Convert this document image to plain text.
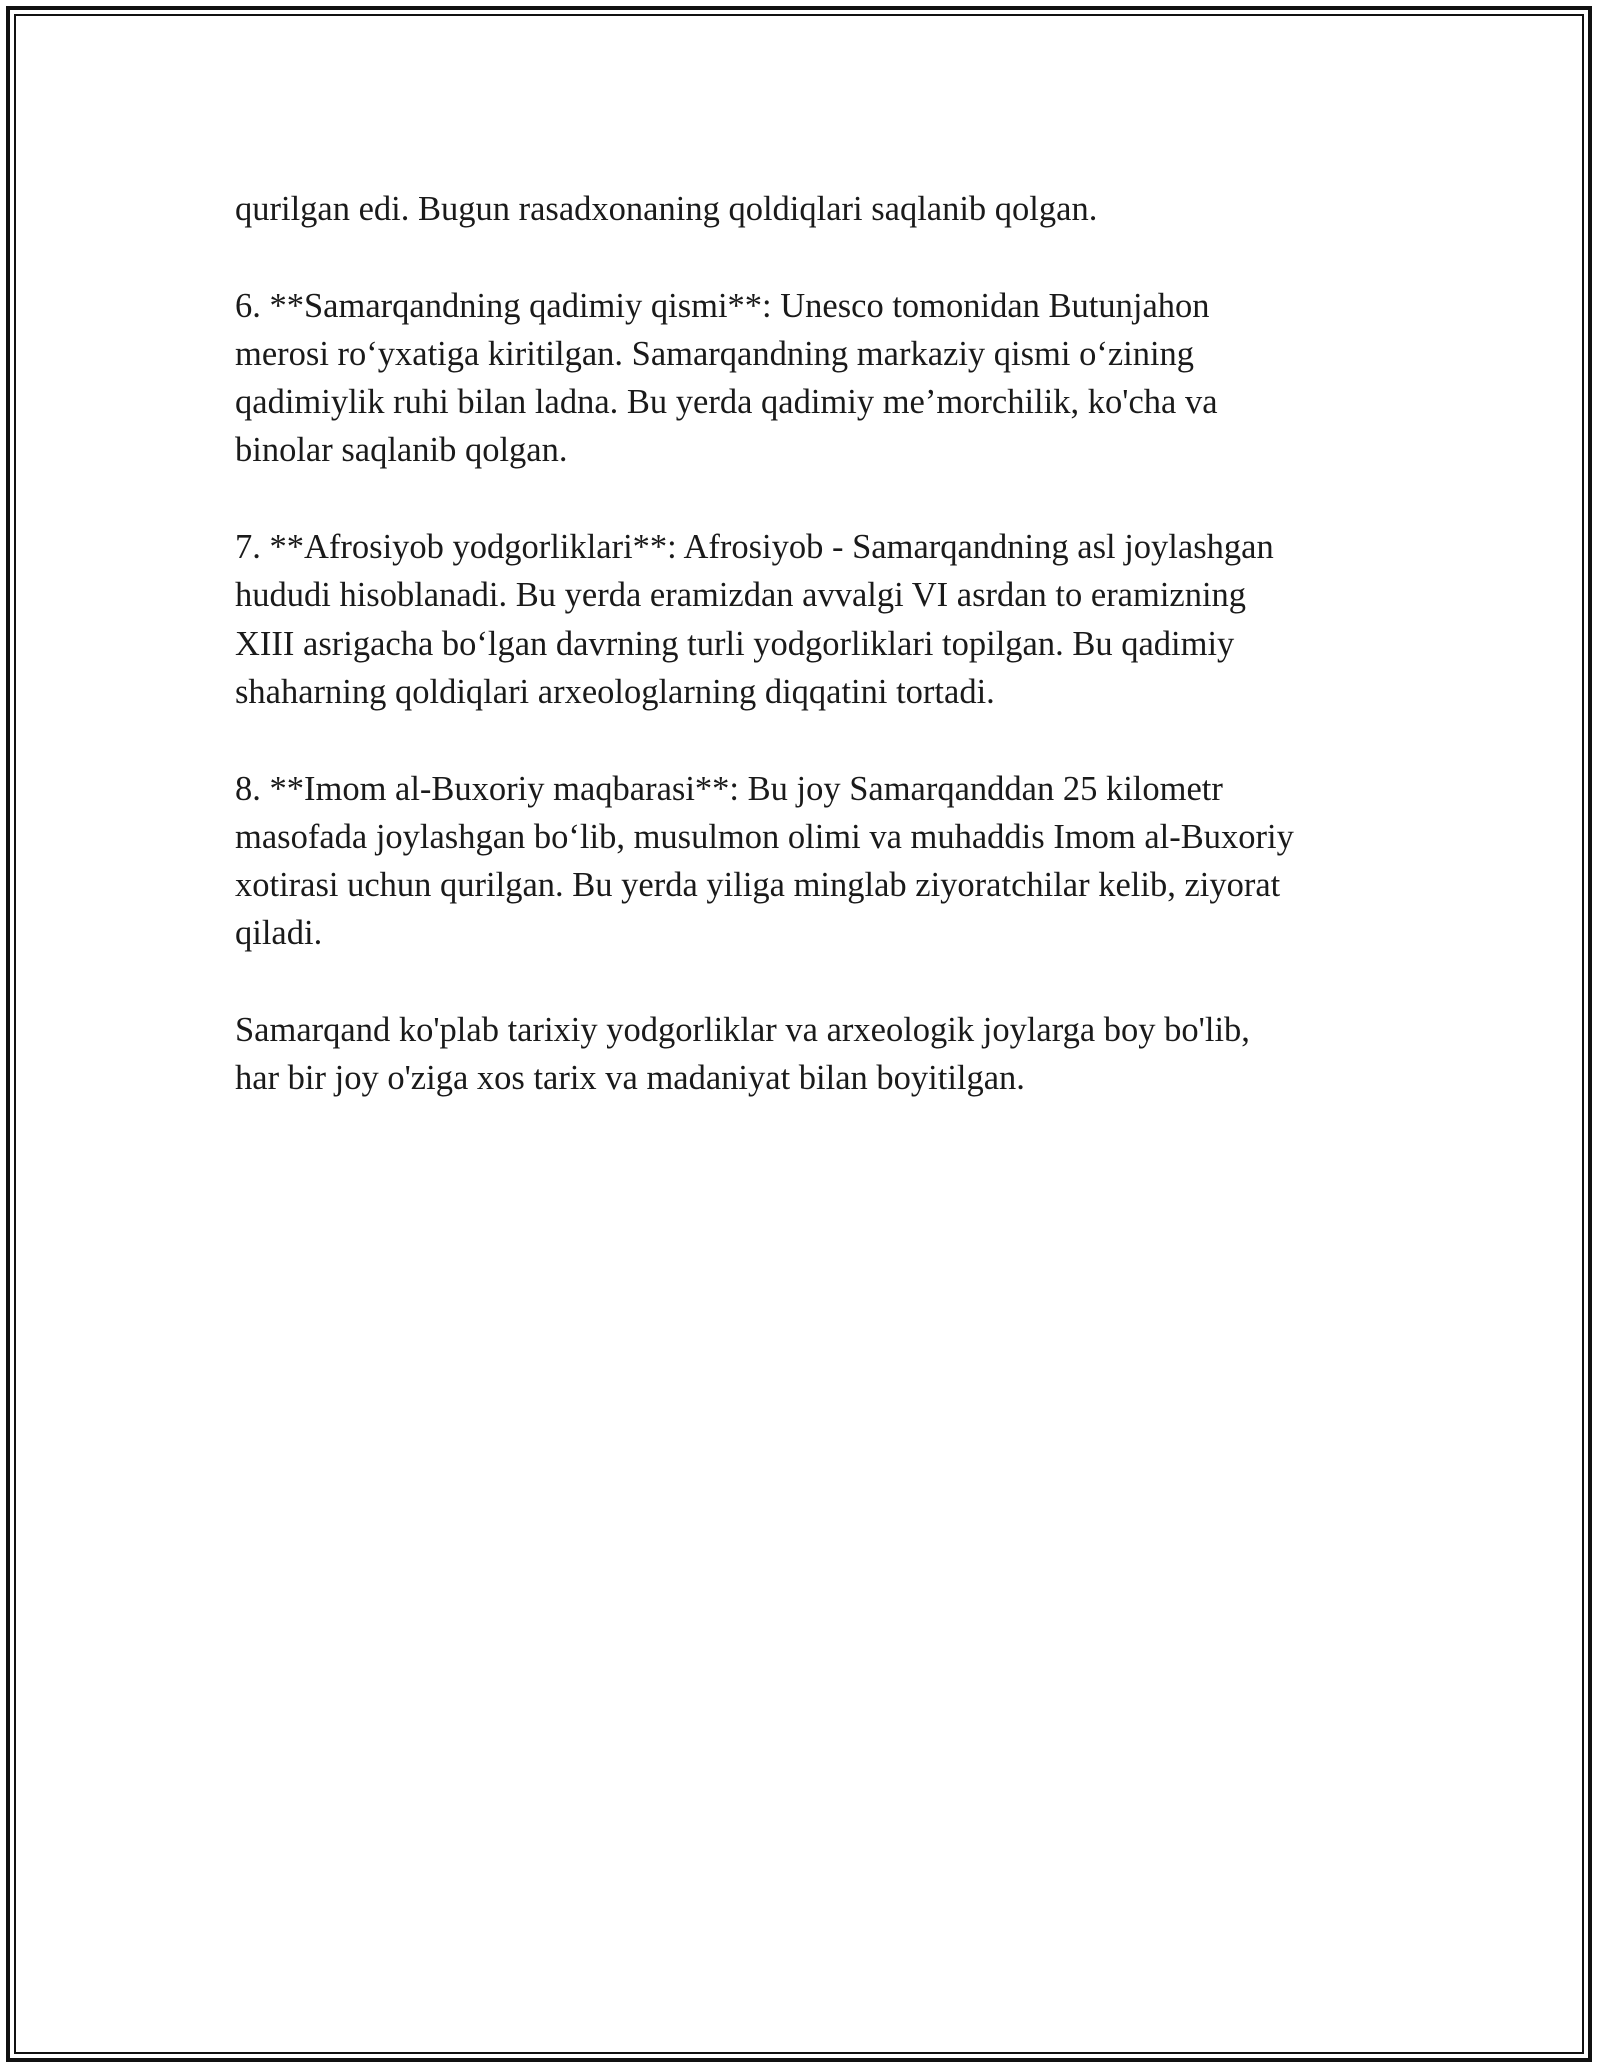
qurilgan edi. Bugun rasadxonaning qoldiqlari saqlanib qolgan.

6. **Samarqandning qadimiy qismi**: Unesco tomonidan Butunjahon
merosi ro‘yxatiga kiritilgan. Samarqandning markaziy qismi o‘zining
qadimiylik ruhi bilan ladna. Bu yerda qadimiy me’morchilik, ko'cha va
binolar saqlanib qolgan.

7. **Afrosiyob yodgorliklari**: Afrosiyob - Samarqandning asl joylashgan
hududi hisoblanadi. Bu yerda eramizdan avvalgi VI asrdan to eramizning
XIII asrigacha bo‘lgan davrning turli yodgorliklari topilgan. Bu qadimiy
shaharning qoldiqlari arxeologlarning diqqatini tortadi.

8. **Imom al-Buxoriy maqbarasi**: Bu joy Samarqanddan 25 kilometr
masofada joylashgan bo‘lib, musulmon olimi va muhaddis Imom al-Buxoriy
xotirasi uchun qurilgan. Bu yerda yiliga minglab ziyoratchilar kelib, ziyorat
qiladi.

Samarqand ko'plab tarixiy yodgorliklar va arxeologik joylarga boy bo'lib,
har bir joy o'ziga xos tarix va madaniyat bilan boyitilgan.
